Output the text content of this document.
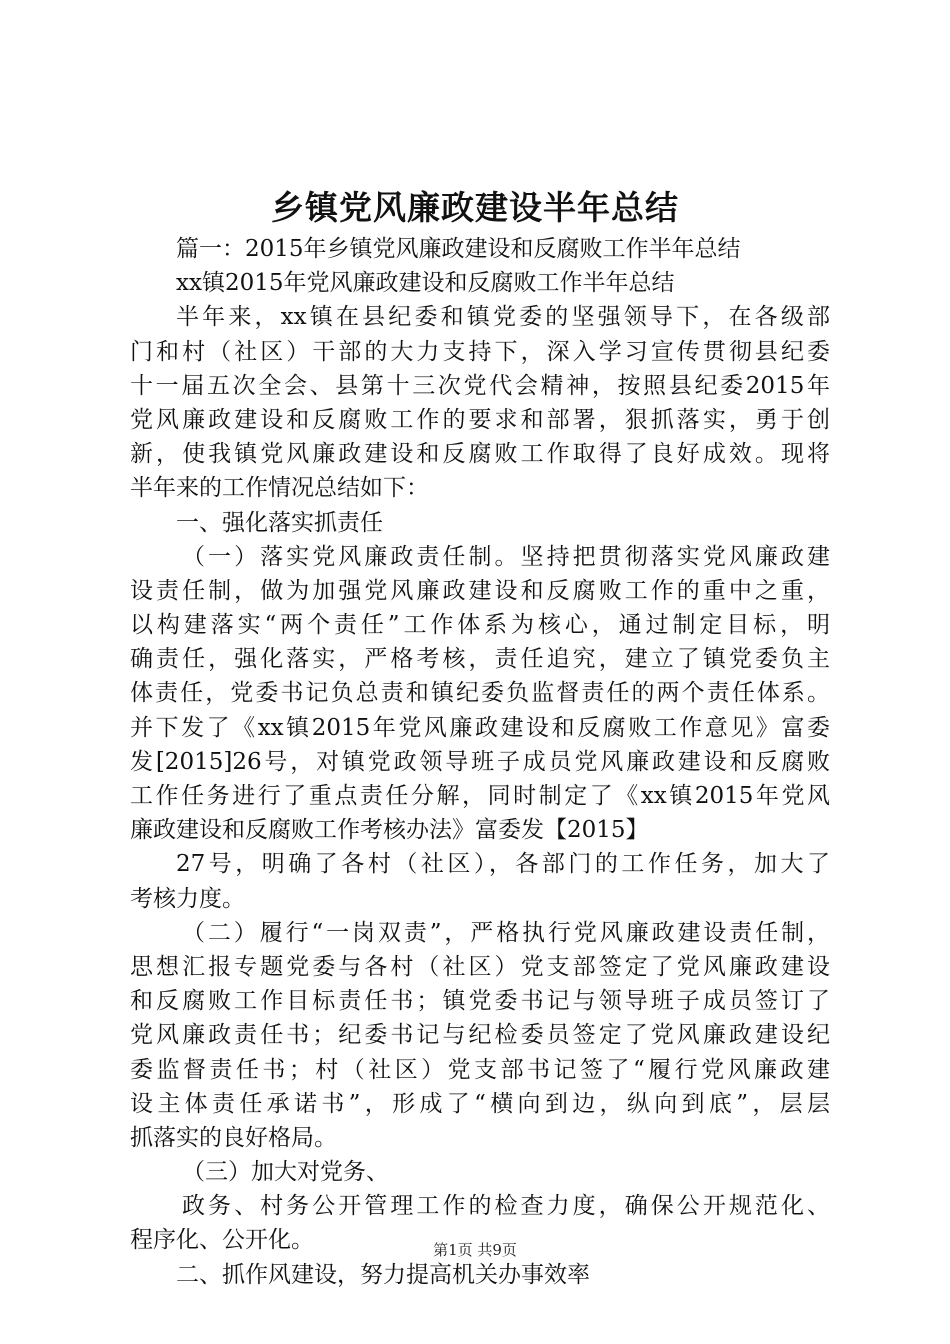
乡镇党风廉政建设半年总结
篇一：2015年乡镇党风廉政建设和反腐败工作半年总结
xx镇2015年党风廉政建设和反腐败工作半年总结
半年来，xx镇在县纪委和镇党委的坚强领导下，在各级部
门和村（社区）干部的大力支持下，深入学习宣传贯彻县纪委
十一届五次全会、县第十三次党代会精神，按照县纪委2015年
党风廉政建设和反腐败工作的要求和部署，狠抓落实，勇于创
新，使我镇党风廉政建设和反腐败工作取得了良好成效。现将
半年来的工作情况总结如下：
一、强化落实抓责任
（一）落实党风廉政责任制。坚持把贯彻落实党风廉政建
设责任制，做为加强党风廉政建设和反腐败工作的重中之重，
以构建落实“两个责任”工作体系为核心，通过制定目标，明
确责任，强化落实，严格考核，责任追究，建立了镇党委负主
体责任，党委书记负总责和镇纪委负监督责任的两个责任体系。
并下发了《xx镇2015年党风廉政建设和反腐败工作意见》富委
发[2015]26号，对镇党政领导班子成员党风廉政建设和反腐败
工作任务进行了重点责任分解，同时制定了《xx镇2015年党风
廉政建设和反腐败工作考核办法》富委发【2015】
27号，明确了各村（社区），各部门的工作任务，加大了
考核力度。
（二）履行“一岗双责”，严格执行党风廉政建设责任制，
思想汇报专题党委与各村（社区）党支部签定了党风廉政建设
和反腐败工作目标责任书；镇党委书记与领导班子成员签订了
党风廉政责任书；纪委书记与纪检委员签定了党风廉政建设纪
委监督责任书；村（社区）党支部书记签了“履行党风廉政建
设主体责任承诺书”，形成了“横向到边，纵向到底”，层层
抓落实的良好格局。
（三）加大对党务、
政务、村务公开管理工作的检查力度，确保公开规范化、
程序化、公开化。
二、抓作风建设，努力提高机关办事效率
第1页 共9页
